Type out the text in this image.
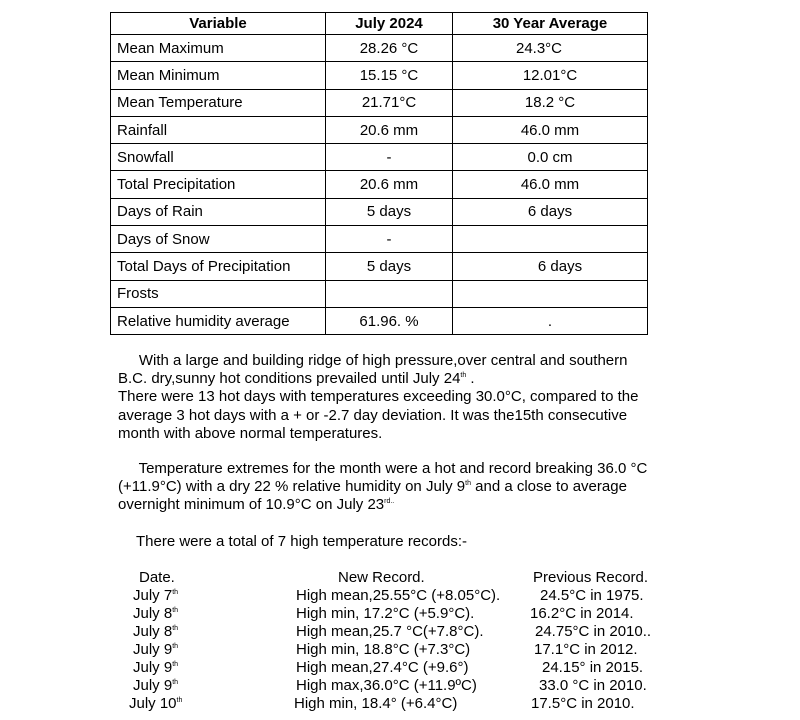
Variable	July 2024	30 Year Average
Mean Maximum	28.26 °C	24.3°C
Mean Minimum	15.15 °C	12.01°C
Mean Temperature	21.71°C	18.2 °C
Rainfall	20.6 mm	46.0 mm
Snowfall	-	0.0 cm
Total Precipitation	20.6 mm	46.0 mm
Days of Rain	5 days	6 days
Days of Snow	-	
Total Days of Precipitation	5 days	6 days
Frosts		
Relative humidity average	61.96. %	.
With a large and building ridge of high pressure,over central and southern
B.C. dry,sunny hot conditions prevailed until July 24th .
There were 13 hot days with temperatures exceeding 30.0°C, compared to the
average 3 hot days with a + or -2.7 day deviation. It was the15th consecutive
month with above normal temperatures.
Temperature extremes for the month were a hot and record breaking 36.0 °C
(+11.9°C) with a dry 22 % relative humidity on July 9th and a close to average
overnight minimum of 10.9°C on July $23^{rd..}$
There were a total of 7 high temperature records:-
Date.	New Record.	Previous Record.
July 7th	High mean,25.55°C (+8.05°C).	24.5°C in 1975.
July 8th	High min, 17.2°C (+5.9°C).	16.2°C in 2014.
July 8th	High mean,25.7 °C(+7.8°C).	24.75°C in 2010..
July 9th	High min, 18.8°C (+7.3°C)	17.1°C in 2012.
July 9th	High mean,27.4°C (+9.6°)	24.15° in 2015.
July 9th	High max,36.0°C (+11.9ºC)	33.0 °C in 2010.
July 10th	High min, 18.4° (+6.4°C)	17.5°C in 2010.
